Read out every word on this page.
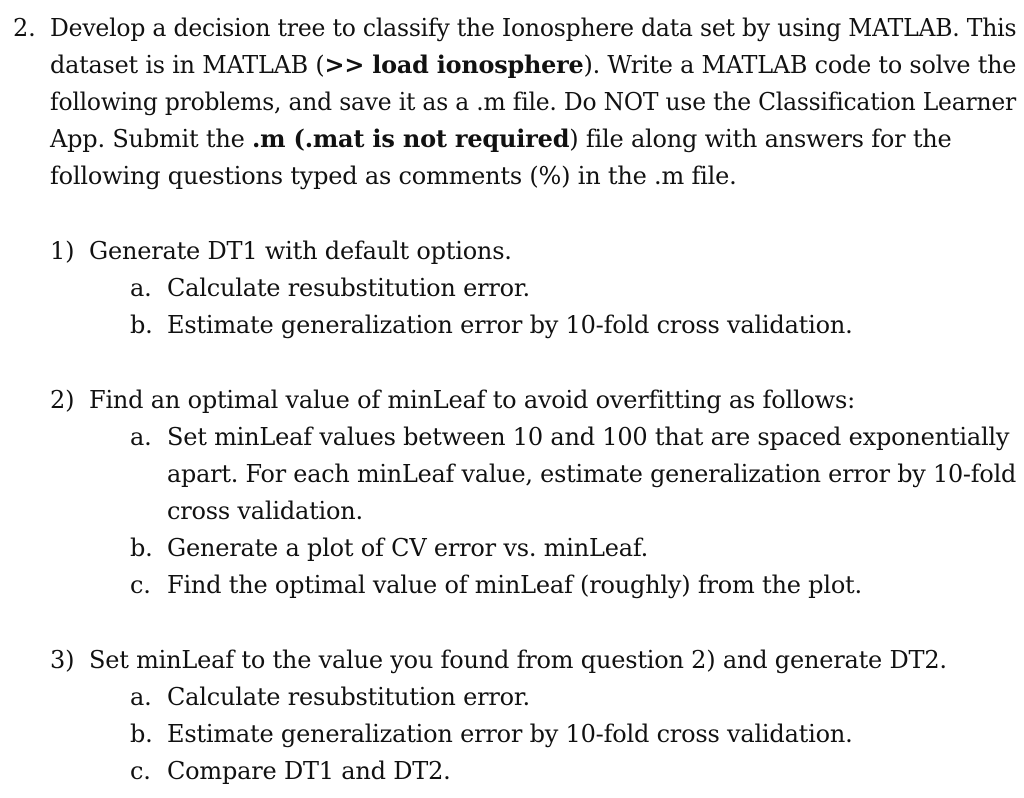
2. Develop a decision tree to classify the Ionosphere data set by using MATLAB. This
dataset is in MATLAB (>> load ionosphere). Write a MATLAB code to solve the
following problems, and save it as a .m file. Do NOT use the Classification Learner
App. Submit the .m (.mat is not required) file along with answers for the
following questions typed as comments (%) in the .m file.
1) Generate DT1 with default options.
a. Calculate resubstitution error.
b. Estimate generalization error by 10-fold cross validation.
2) Find an optimal value of minLeaf to avoid overfitting as follows:
a. Set minLeaf values between 10 and 100 that are spaced exponentially
apart. For each minLeaf value, estimate generalization error by 10-fold
cross validation.
b. Generate a plot of CV error vs. minLeaf.
c. Find the optimal value of minLeaf (roughly) from the plot.
3) Set minLeaf to the value you found from question 2) and generate DT2.
a. Calculate resubstitution error.
b. Estimate generalization error by 10-fold cross validation.
c. Compare DT1 and DT2.
